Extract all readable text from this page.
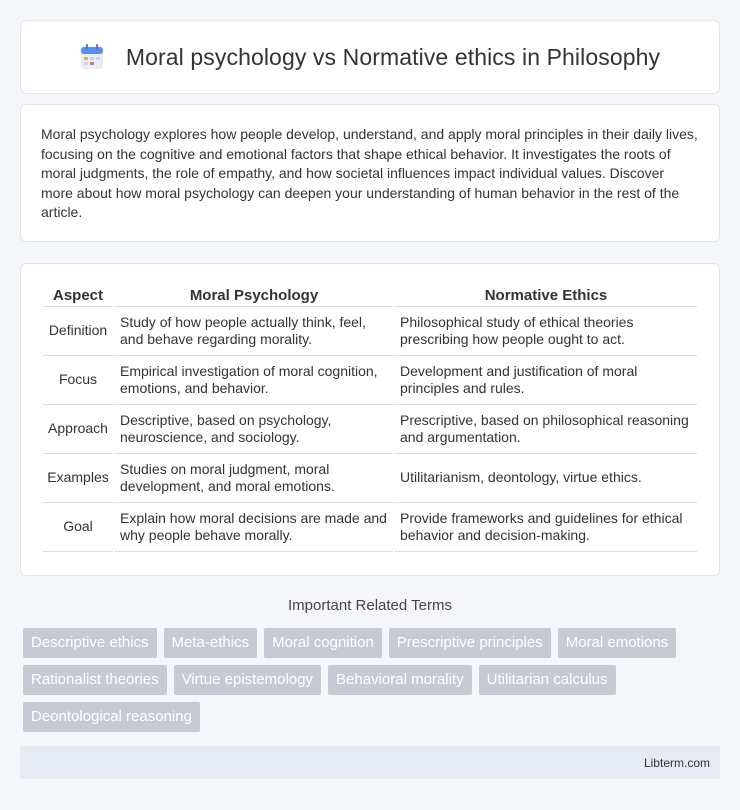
Moral psychology vs Normative ethics in Philosophy

Moral psychology explores how people develop, understand, and apply moral principles in their daily lives, focusing on the cognitive and emotional factors that shape ethical behavior. It investigates the roots of moral judgments, the role of empathy, and how societal influences impact individual values. Discover more about how moral psychology can deepen your understanding of human behavior in the rest of the article.

Aspect	Moral Psychology	Normative Ethics
Definition	Study of how people actually think, feel, and behave regarding morality.	Philosophical study of ethical theories prescribing how people ought to act.
Focus	Empirical investigation of moral cognition, emotions, and behavior.	Development and justification of moral principles and rules.
Approach	Descriptive, based on psychology, neuroscience, and sociology.	Prescriptive, based on philosophical reasoning and argumentation.
Examples	Studies on moral judgment, moral development, and moral emotions.	Utilitarianism, deontology, virtue ethics.
Goal	Explain how moral decisions are made and why people behave morally.	Provide frameworks and guidelines for ethical behavior and decision-making.
Important Related Terms
Descriptive ethics	Meta-ethics	Moral cognition	Prescriptive principles	Moral emotions
Rationalist theories	Virtue epistemology	Behavioral morality	Utilitarian calculus
Deontological reasoning
Libterm.com
